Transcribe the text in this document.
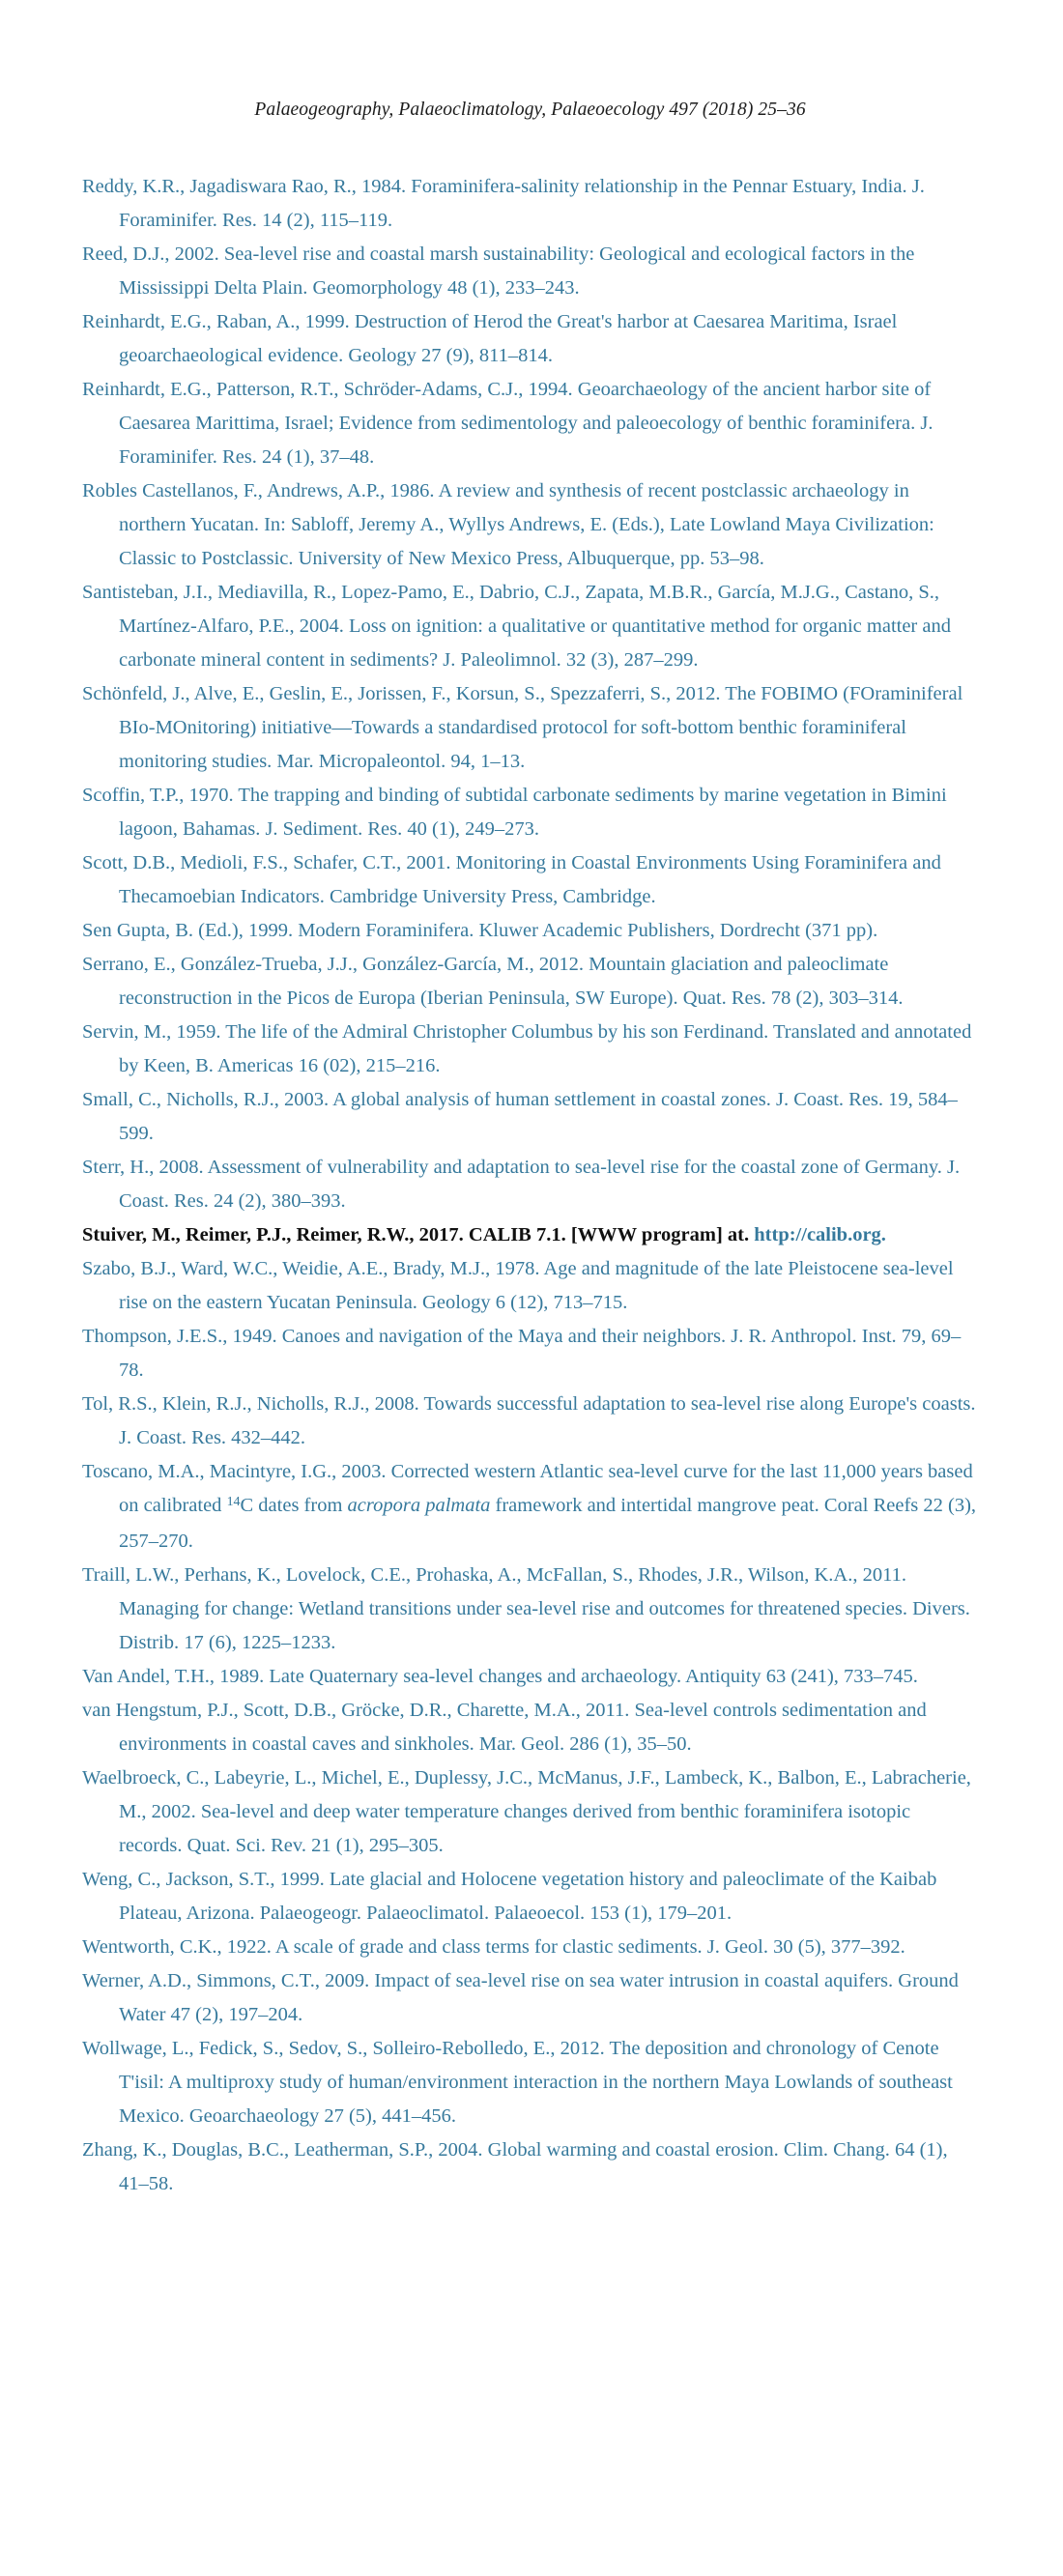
Palaeogeography, Palaeoclimatology, Palaeoecology 497 (2018) 25–36

Reddy, K.R., Jagadiswara Rao, R., 1984. Foraminifera-salinity relationship in the Pennar Estuary, India. J. Foraminifer. Res. 14 (2), 115–119.

Reed, D.J., 2002. Sea-level rise and coastal marsh sustainability: Geological and ecological factors in the Mississippi Delta Plain. Geomorphology 48 (1), 233–243.

Reinhardt, E.G., Raban, A., 1999. Destruction of Herod the Great's harbor at Caesarea Maritima, Israel geoarchaeological evidence. Geology 27 (9), 811–814.

Reinhardt, E.G., Patterson, R.T., Schröder-Adams, C.J., 1994. Geoarchaeology of the ancient harbor site of Caesarea Marittima, Israel; Evidence from sedimentology and paleoecology of benthic foraminifera. J. Foraminifer. Res. 24 (1), 37–48.

Robles Castellanos, F., Andrews, A.P., 1986. A review and synthesis of recent postclassic archaeology in northern Yucatan. In: Sabloff, Jeremy A., Wyllys Andrews, E. (Eds.), Late Lowland Maya Civilization: Classic to Postclassic. University of New Mexico Press, Albuquerque, pp. 53–98.

Santisteban, J.I., Mediavilla, R., Lopez-Pamo, E., Dabrio, C.J., Zapata, M.B.R., García, M.J.G., Castano, S., Martínez-Alfaro, P.E., 2004. Loss on ignition: a qualitative or quantitative method for organic matter and carbonate mineral content in sediments? J. Paleolimnol. 32 (3), 287–299.

Schönfeld, J., Alve, E., Geslin, E., Jorissen, F., Korsun, S., Spezzaferri, S., 2012. The FOBIMO (FOraminiferal BIo-MOnitoring) initiative—Towards a standardised protocol for soft-bottom benthic foraminiferal monitoring studies. Mar. Micropaleontol. 94, 1–13.

Scoffin, T.P., 1970. The trapping and binding of subtidal carbonate sediments by marine vegetation in Bimini lagoon, Bahamas. J. Sediment. Res. 40 (1), 249–273.

Scott, D.B., Medioli, F.S., Schafer, C.T., 2001. Monitoring in Coastal Environments Using Foraminifera and Thecamoebian Indicators. Cambridge University Press, Cambridge.

Sen Gupta, B. (Ed.), 1999. Modern Foraminifera. Kluwer Academic Publishers, Dordrecht (371 pp).

Serrano, E., González-Trueba, J.J., González-García, M., 2012. Mountain glaciation and paleoclimate reconstruction in the Picos de Europa (Iberian Peninsula, SW Europe). Quat. Res. 78 (2), 303–314.

Servin, M., 1959. The life of the Admiral Christopher Columbus by his son Ferdinand. Translated and annotated by Keen, B. Americas 16 (02), 215–216.

Small, C., Nicholls, R.J., 2003. A global analysis of human settlement in coastal zones. J. Coast. Res. 19, 584–599.

Sterr, H., 2008. Assessment of vulnerability and adaptation to sea-level rise for the coastal zone of Germany. J. Coast. Res. 24 (2), 380–393.

Stuiver, M., Reimer, P.J., Reimer, R.W., 2017. CALIB 7.1. [WWW program] at. http://calib.org.

Szabo, B.J., Ward, W.C., Weidie, A.E., Brady, M.J., 1978. Age and magnitude of the late Pleistocene sea-level rise on the eastern Yucatan Peninsula. Geology 6 (12), 713–715.

Thompson, J.E.S., 1949. Canoes and navigation of the Maya and their neighbors. J. R. Anthropol. Inst. 79, 69–78.

Tol, R.S., Klein, R.J., Nicholls, R.J., 2008. Towards successful adaptation to sea-level rise along Europe's coasts. J. Coast. Res. 432–442.

Toscano, M.A., Macintyre, I.G., 2003. Corrected western Atlantic sea-level curve for the last 11,000 years based on calibrated $^{14}$C dates from acropora palmata framework and intertidal mangrove peat. Coral Reefs 22 (3), 257–270.

Traill, L.W., Perhans, K., Lovelock, C.E., Prohaska, A., McFallan, S., Rhodes, J.R., Wilson, K.A., 2011. Managing for change: Wetland transitions under sea-level rise and outcomes for threatened species. Divers. Distrib. 17 (6), 1225–1233.

Van Andel, T.H., 1989. Late Quaternary sea-level changes and archaeology. Antiquity 63 (241), 733–745.

van Hengstum, P.J., Scott, D.B., Gröcke, D.R., Charette, M.A., 2011. Sea-level controls sedimentation and environments in coastal caves and sinkholes. Mar. Geol. 286 (1), 35–50.

Waelbroeck, C., Labeyrie, L., Michel, E., Duplessy, J.C., McManus, J.F., Lambeck, K., Balbon, E., Labracherie, M., 2002. Sea-level and deep water temperature changes derived from benthic foraminifera isotopic records. Quat. Sci. Rev. 21 (1), 295–305.

Weng, C., Jackson, S.T., 1999. Late glacial and Holocene vegetation history and paleoclimate of the Kaibab Plateau, Arizona. Palaeogeogr. Palaeoclimatol. Palaeoecol. 153 (1), 179–201.

Wentworth, C.K., 1922. A scale of grade and class terms for clastic sediments. J. Geol. 30 (5), 377–392.

Werner, A.D., Simmons, C.T., 2009. Impact of sea-level rise on sea water intrusion in coastal aquifers. Ground Water 47 (2), 197–204.

Wollwage, L., Fedick, S., Sedov, S., Solleiro-Rebolledo, E., 2012. The deposition and chronology of Cenote T'isil: A multiproxy study of human/environment interaction in the northern Maya Lowlands of southeast Mexico. Geoarchaeology 27 (5), 441–456.

Zhang, K., Douglas, B.C., Leatherman, S.P., 2004. Global warming and coastal erosion. Clim. Chang. 64 (1), 41–58.
